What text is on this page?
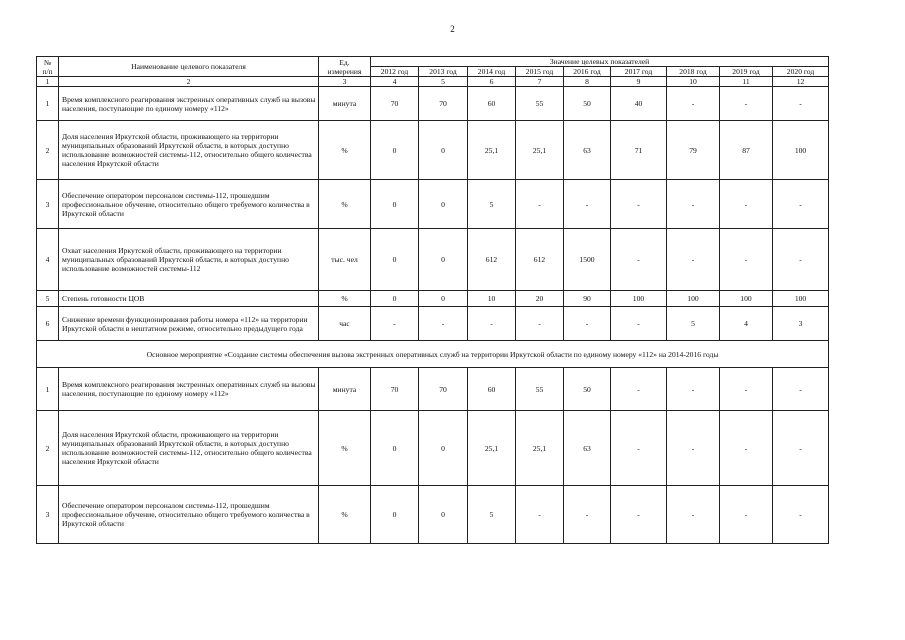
2
№
п/п	Наименование целевого показателя	Ед.
измерения	Значение целевых показателей								
			2012 год	2013 год	2014 год	2015 год	2016 год	2017 год	2018 год	2019 год	2020 год
1	2	3	4	5	6	7	8	9	10	11	12
1	Время комплексного реагирования экстренных оперативных служб на вызовы населения, поступающие по единому номеру «112»	минута	70	70	60	55	50	40	-	-	-
2	Доля населения Иркутской области, проживающего на территории муниципальных образований Иркутской области, в которых доступно использование возможностей системы-112, относительно общего количества населения Иркутской области	%	0	0	25,1	25,1	63	71	79	87	100
3	Обеспечение оператором персоналом системы-112, прошедшим профессиональное обучение, относительно общего требуемого количества в Иркутской области	%	0	0	5	-	-	-	-	-	-
4	Охват населения Иркутской области, проживающего на территории муниципальных образований Иркутской области, в которых доступно использование возможностей системы-112	тыс. чел	0	0	612	612	1500	-	-	-	-
5	Степень готовности ЦОВ	%	0	0	10	20	90	100	100	100	100
6	Снижение времени функционирования работы номера «112» на территории Иркутской области в нештатном режиме, относительно предыдущего года	час	-	-	-	-	-	-	5	4	3
Основное мероприятие «Создание системы обеспечения вызова экстренных оперативных служб на территории Иркутской области по единому номеру «112» на 2014-2016 годы											
1	Время комплексного реагирования экстренных оперативных служб на вызовы населения, поступающие по единому номеру «112»	минута	70	70	60	55	50	-	-	-	-
2	Доля населения Иркутской области, проживающего на территории муниципальных образований Иркутской области, в которых доступно использование возможностей системы-112, относительно общего количества населения Иркутской области	%	0	0	25,1	25,1	63	-	-	-	-
3	Обеспечение оператором персоналом системы-112, прошедшим профессиональное обучение, относительно общего требуемого количества в Иркутской области	%	0	0	5	-	-	-	-	-	-
